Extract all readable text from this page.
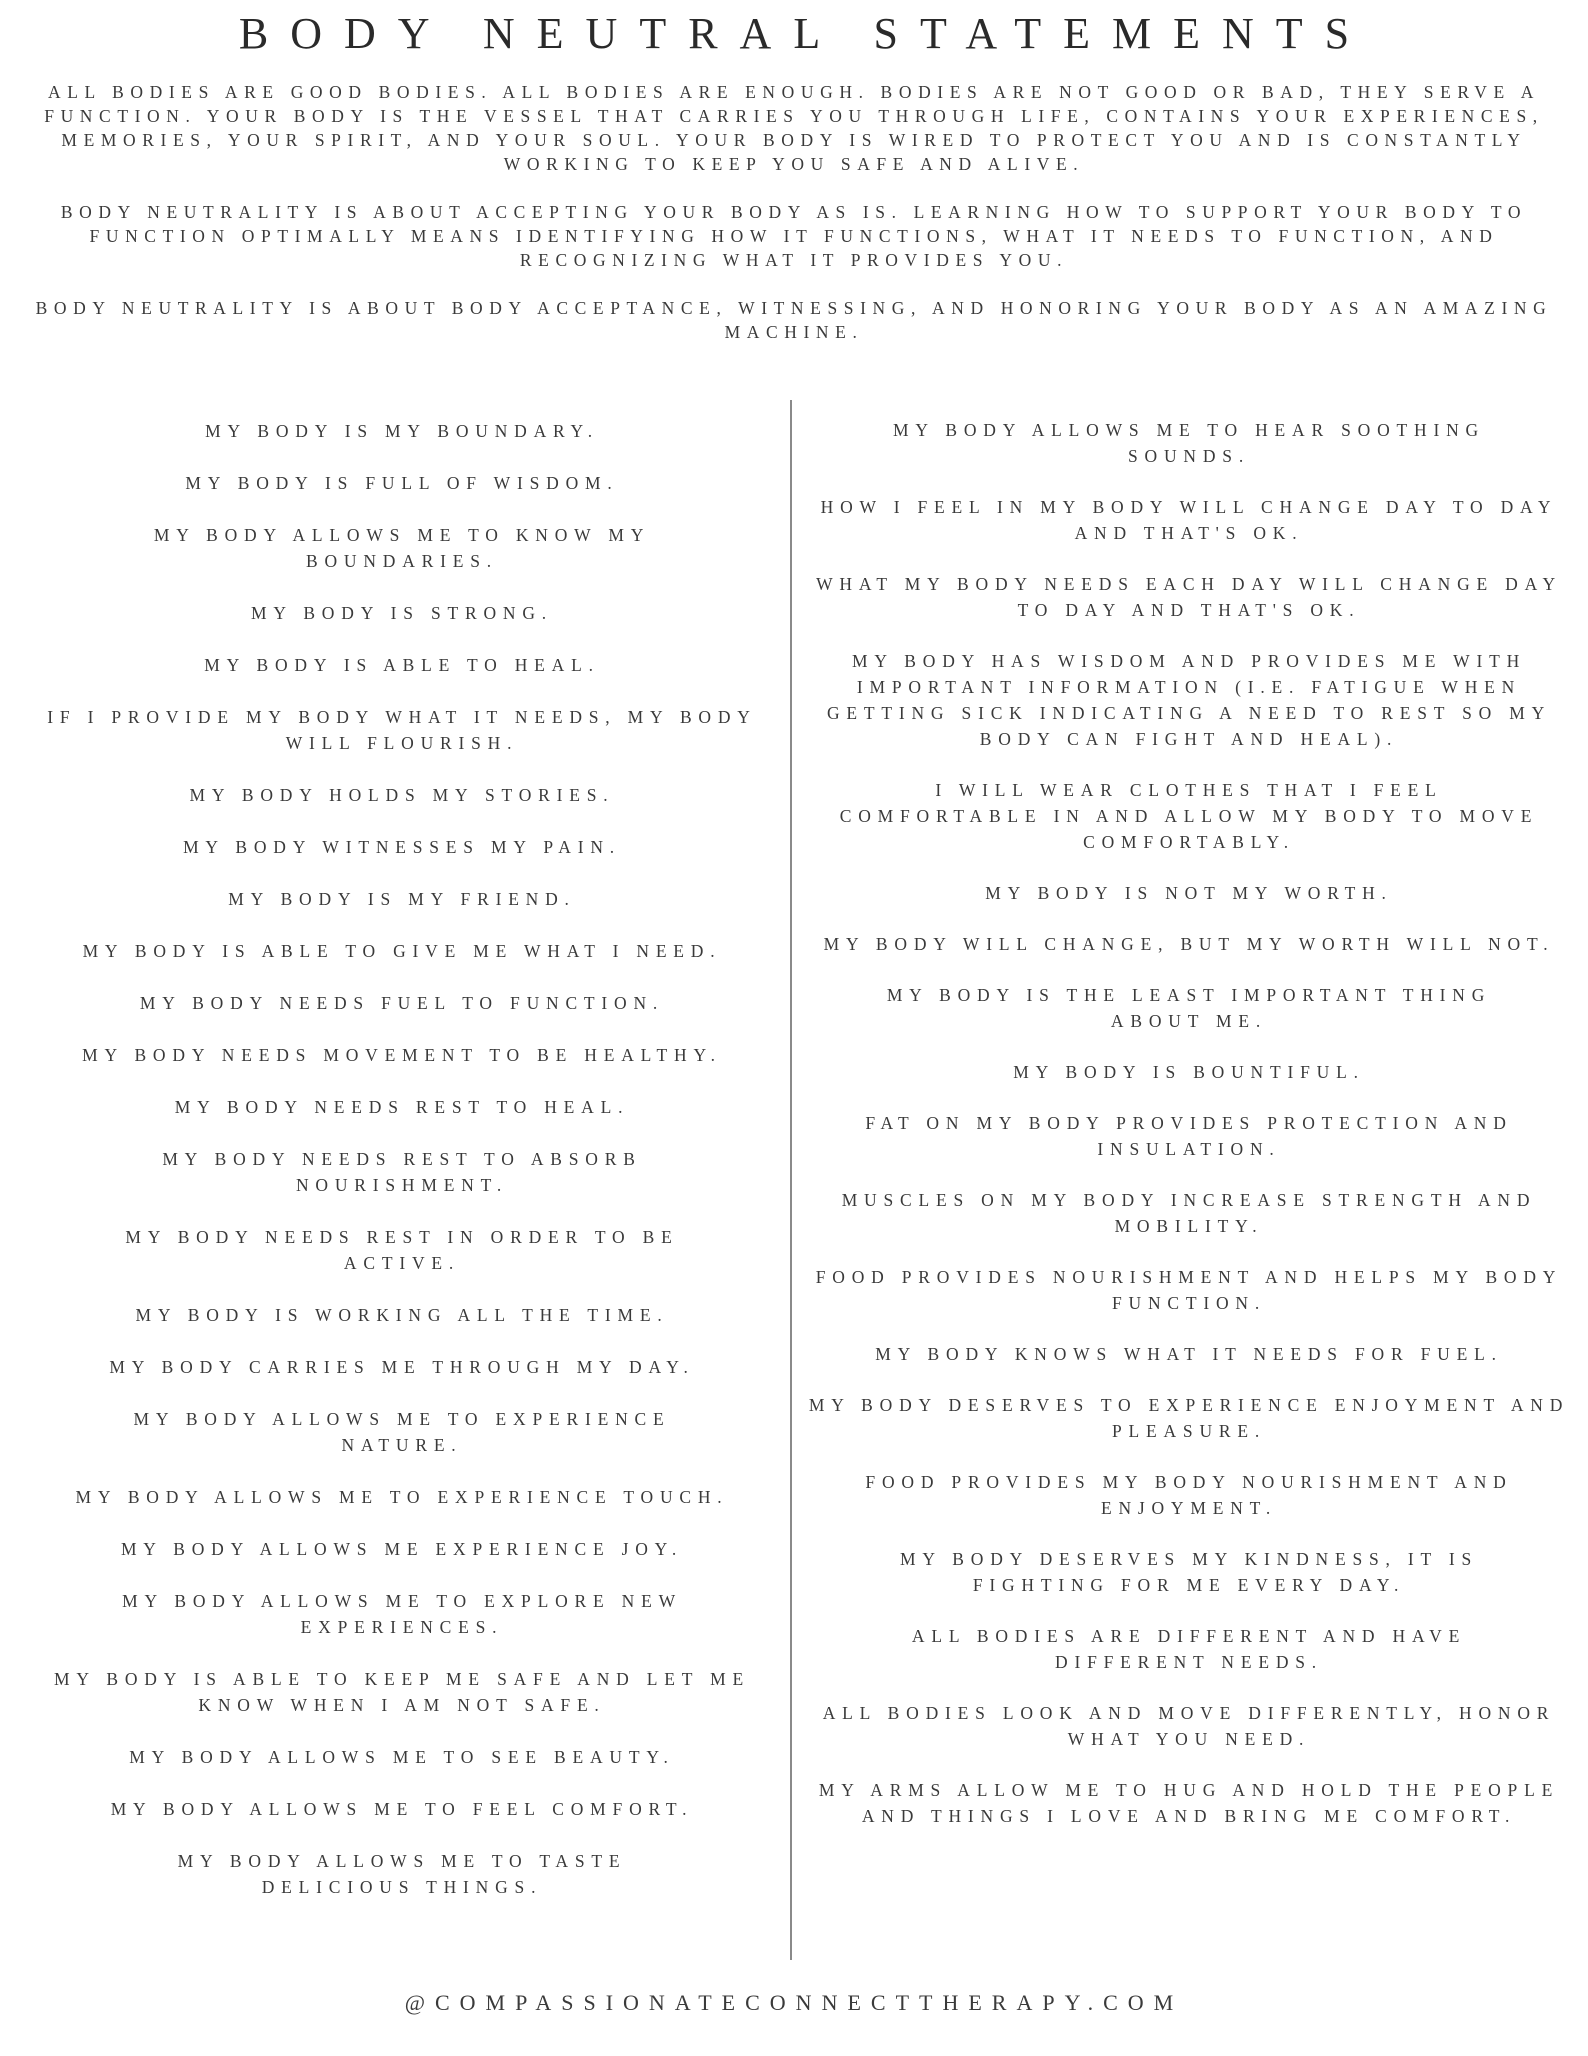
BODY NEUTRAL STATEMENTS

ALL BODIES ARE GOOD BODIES. ALL BODIES ARE ENOUGH. BODIES ARE NOT GOOD OR BAD, THEY SERVE A FUNCTION. YOUR BODY IS THE VESSEL THAT CARRIES YOU THROUGH LIFE, CONTAINS YOUR EXPERIENCES, MEMORIES, YOUR SPIRIT, AND YOUR SOUL. YOUR BODY IS WIRED TO PROTECT YOU AND IS CONSTANTLY WORKING TO KEEP YOU SAFE AND ALIVE.

BODY NEUTRALITY IS ABOUT ACCEPTING YOUR BODY AS IS. LEARNING HOW TO SUPPORT YOUR BODY TO FUNCTION OPTIMALLY MEANS IDENTIFYING HOW IT FUNCTIONS, WHAT IT NEEDS TO FUNCTION, AND RECOGNIZING WHAT IT PROVIDES YOU.

BODY NEUTRALITY IS ABOUT BODY ACCEPTANCE, WITNESSING, AND HONORING YOUR BODY AS AN AMAZING MACHINE.

MY BODY IS MY BOUNDARY.
MY BODY IS FULL OF WISDOM.
MY BODY ALLOWS ME TO KNOW MY BOUNDARIES.
MY BODY IS STRONG.
MY BODY IS ABLE TO HEAL.
IF I PROVIDE MY BODY WHAT IT NEEDS, MY BODY WILL FLOURISH.
MY BODY HOLDS MY STORIES.
MY BODY WITNESSES MY PAIN.
MY BODY IS MY FRIEND.
MY BODY IS ABLE TO GIVE ME WHAT I NEED.
MY BODY NEEDS FUEL TO FUNCTION.
MY BODY NEEDS MOVEMENT TO BE HEALTHY.
MY BODY NEEDS REST TO HEAL.
MY BODY NEEDS REST TO ABSORB NOURISHMENT.
MY BODY NEEDS REST IN ORDER TO BE ACTIVE.
MY BODY IS WORKING ALL THE TIME.
MY BODY CARRIES ME THROUGH MY DAY.
MY BODY ALLOWS ME TO EXPERIENCE NATURE.
MY BODY ALLOWS ME TO EXPERIENCE TOUCH.
MY BODY ALLOWS ME EXPERIENCE JOY.
MY BODY ALLOWS ME TO EXPLORE NEW EXPERIENCES.
MY BODY IS ABLE TO KEEP ME SAFE AND LET ME KNOW WHEN I AM NOT SAFE.
MY BODY ALLOWS ME TO SEE BEAUTY.
MY BODY ALLOWS ME TO FEEL COMFORT.
MY BODY ALLOWS ME TO TASTE DELICIOUS THINGS.
MY BODY ALLOWS ME TO HEAR SOOTHING SOUNDS.
HOW I FEEL IN MY BODY WILL CHANGE DAY TO DAY AND THAT'S OK.
WHAT MY BODY NEEDS EACH DAY WILL CHANGE DAY TO DAY AND THAT'S OK.
MY BODY HAS WISDOM AND PROVIDES ME WITH IMPORTANT INFORMATION (I.E. FATIGUE WHEN GETTING SICK INDICATING A NEED TO REST SO MY BODY CAN FIGHT AND HEAL).
I WILL WEAR CLOTHES THAT I FEEL COMFORTABLE IN AND ALLOW MY BODY TO MOVE COMFORTABLY.
MY BODY IS NOT MY WORTH.
MY BODY WILL CHANGE, BUT MY WORTH WILL NOT.
MY BODY IS THE LEAST IMPORTANT THING ABOUT ME.
MY BODY IS BOUNTIFUL.
FAT ON MY BODY PROVIDES PROTECTION AND INSULATION.
MUSCLES ON MY BODY INCREASE STRENGTH AND MOBILITY.
FOOD PROVIDES NOURISHMENT AND HELPS MY BODY FUNCTION.
MY BODY KNOWS WHAT IT NEEDS FOR FUEL.
MY BODY DESERVES TO EXPERIENCE ENJOYMENT AND PLEASURE.
FOOD PROVIDES MY BODY NOURISHMENT AND ENJOYMENT.
MY BODY DESERVES MY KINDNESS, IT IS FIGHTING FOR ME EVERY DAY.
ALL BODIES ARE DIFFERENT AND HAVE DIFFERENT NEEDS.
ALL BODIES LOOK AND MOVE DIFFERENTLY, HONOR WHAT YOU NEED.
MY ARMS ALLOW ME TO HUG AND HOLD THE PEOPLE AND THINGS I LOVE AND BRING ME COMFORT.
@COMPASSIONATECONNECTTHERAPY.COM
